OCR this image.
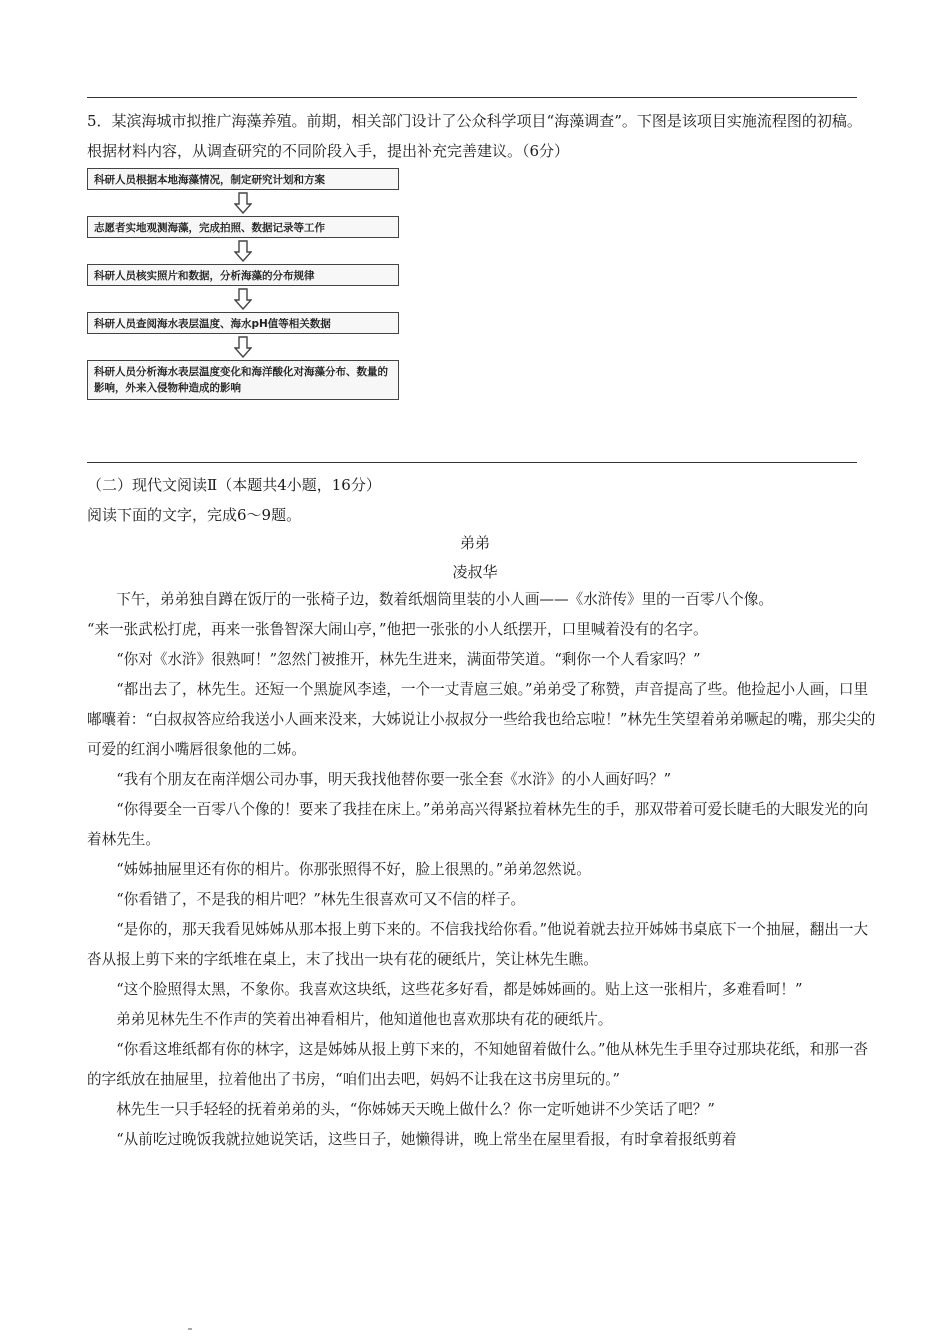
5．某滨海城市拟推广海藻养殖。前期，相关部门设计了公众科学项目“海藻调查”。下图是该项目实施流程图的初稿。根据材料内容，从调查研究的不同阶段入手，提出补充完善建议。（6分）
科研人员根据本地海藻情况，制定研究计划和方案
志愿者实地观测海藻，完成拍照、数据记录等工作
科研人员核实照片和数据，分析海藻的分布规律
科研人员查阅海水表层温度、海水pH值等相关数据
科研人员分析海水表层温度变化和海洋酸化对海藻分布、数量的影响，外来入侵物种造成的影响
（二）现代文阅读Ⅱ（本题共4小题，16分）
阅读下面的文字，完成6～9题。
弟弟
凌叔华

下午，弟弟独自蹲在饭厅的一张椅子边，数着纸烟筒里装的小人画——《水浒传》里的一百零八个像。

“来一张武松打虎，再来一张鲁智深大闹山亭，”他把一张张的小人纸摆开，口里喊着没有的名字。

“你对《水浒》很熟呵！”忽然门被推开，林先生进来，满面带笑道。“剩你一个人看家吗？”

“都出去了，林先生。还短一个黑旋风李逵，一个一丈青扈三娘。”弟弟受了称赞，声音提高了些。他捡起小人画，口里嘟囔着：“白叔叔答应给我送小人画来没来，大姊说让小叔叔分一些给我也给忘啦！”林先生笑望着弟弟噘起的嘴，那尖尖的可爱的红润小嘴唇很象他的二姊。

“我有个朋友在南洋烟公司办事，明天我找他替你要一张全套《水浒》的小人画好吗？”

“你得要全一百零八个像的！要来了我挂在床上。”弟弟高兴得紧拉着林先生的手，那双带着可爱长睫毛的大眼发光的向着林先生。

“姊姊抽屉里还有你的相片。你那张照得不好，脸上很黑的。”弟弟忽然说。

“你看错了，不是我的相片吧？”林先生很喜欢可又不信的样子。

“是你的，那天我看见姊姊从那本报上剪下来的。不信我找给你看。”他说着就去拉开姊姊书桌底下一个抽屉，翻出一大沓从报上剪下来的字纸堆在桌上，末了找出一块有花的硬纸片，笑让林先生瞧。

“这个脸照得太黑，不象你。我喜欢这块纸，这些花多好看，都是姊姊画的。贴上这一张相片，多难看呵！”

弟弟见林先生不作声的笑着出神看相片，他知道他也喜欢那块有花的硬纸片。

“你看这堆纸都有你的林字，这是姊姊从报上剪下来的，不知她留着做什么。”他从林先生手里夺过那块花纸，和那一沓的字纸放在抽屉里，拉着他出了书房，“咱们出去吧，妈妈不让我在这书房里玩的。”

林先生一只手轻轻的抚着弟弟的头，“你姊姊天天晚上做什么？你一定听她讲不少笑话了吧？”

“从前吃过晚饭我就拉她说笑话，这些日子，她懒得讲，晚上常坐在屋里看报，有时拿着报纸剪着
